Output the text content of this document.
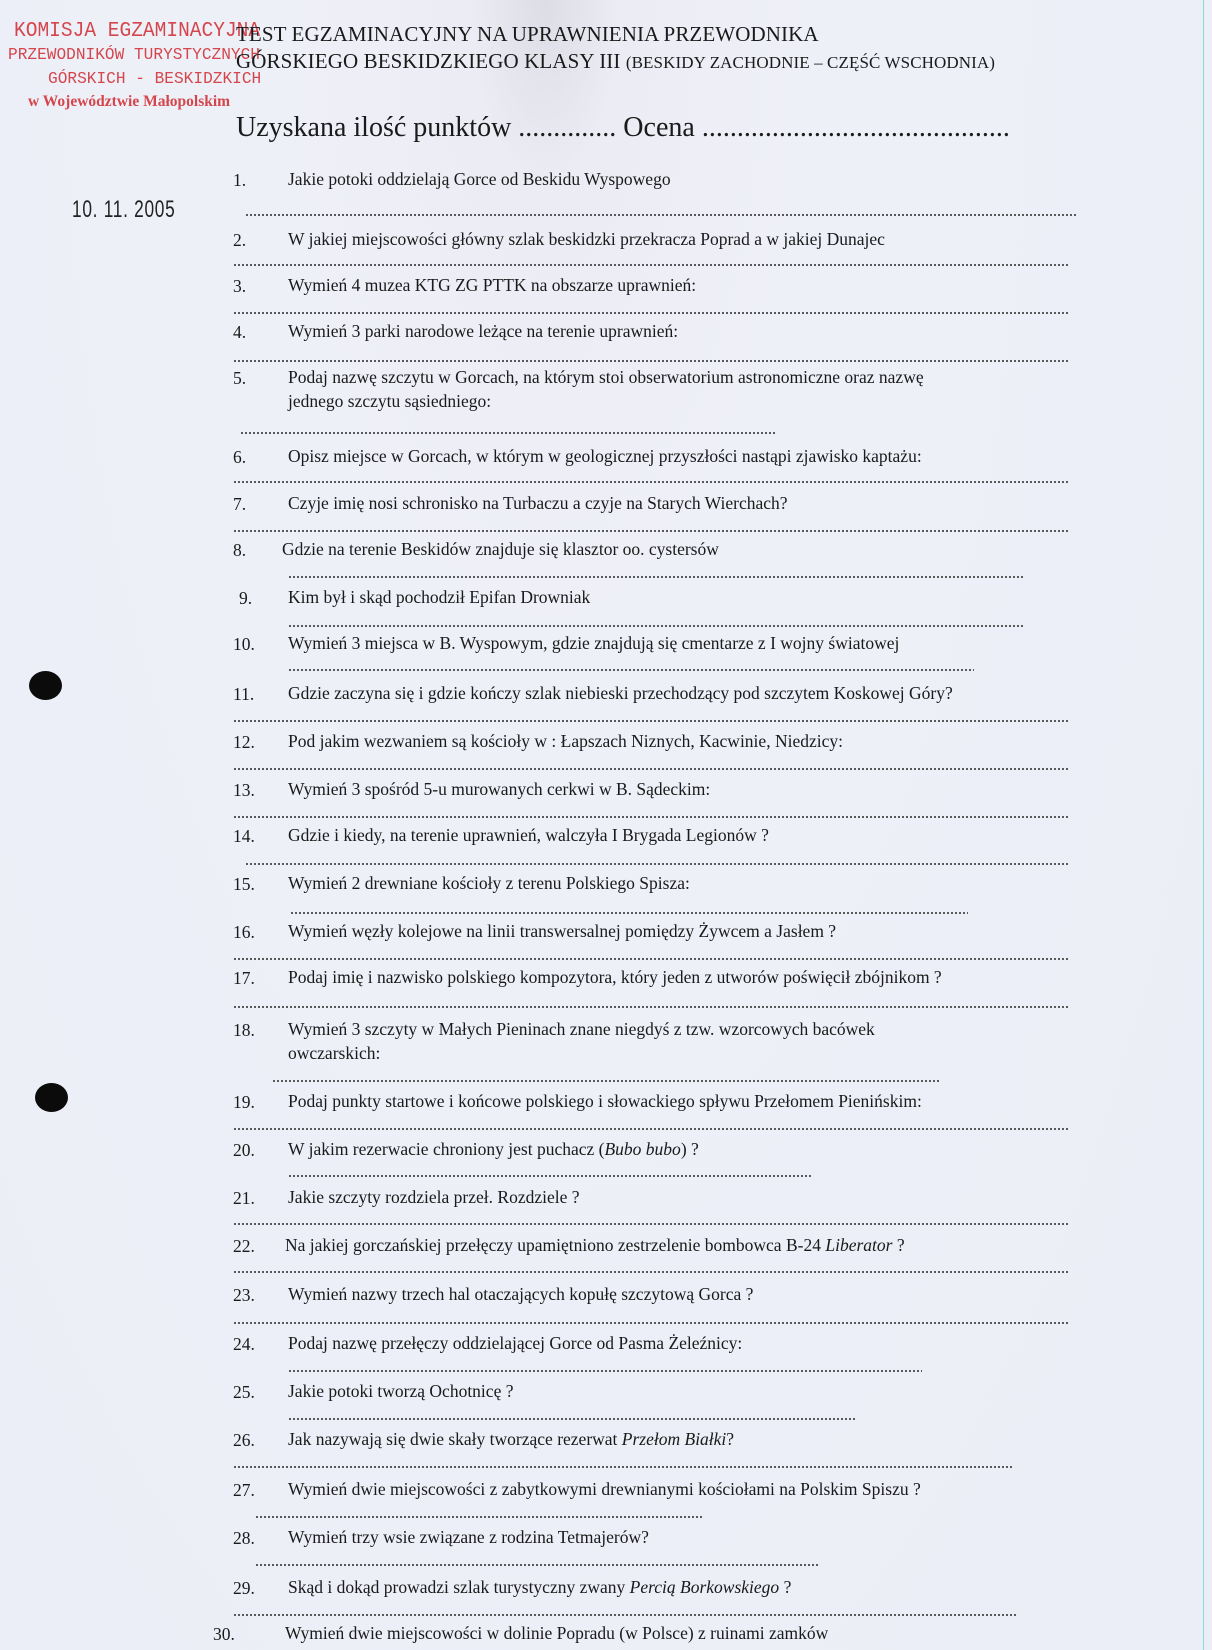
KOMISJA EGZAMINACYJNA
PRZEWODNIKÓW TURYSTYCZNYCH
GÓRSKICH - BESKIDZKICH
w Województwie Małopolskim
TEST EGZAMINACYJNY NA UPRAWNIENIA PRZEWODNIKA
GÓRSKIEGO BESKIDZKIEGO KLASY III (BESKIDY ZACHODNIE – CZĘŚĆ WSCHODNIA)
Uzyskana ilość punktów .............. Ocena ............................................
10. 11. 2005
1. Jakie potoki oddzielają Gorce od Beskidu Wyspowego
2. W jakiej miejscowości główny szlak beskidzki przekracza Poprad a w jakiej Dunajec
3. Wymień 4 muzea KTG ZG PTTK na obszarze uprawnień:
4. Wymień 3 parki narodowe leżące na terenie uprawnień:
5. Podaj nazwę szczytu w Gorcach, na którym stoi obserwatorium astronomiczne oraz nazwę
jednego szczytu sąsiedniego:
6. Opisz miejsce w Gorcach, w którym w geologicznej przyszłości nastąpi zjawisko kaptażu:
7. Czyje imię nosi schronisko na Turbaczu a czyje na Starych Wierchach?
8. Gdzie na terenie Beskidów znajduje się klasztor oo. cystersów
9. Kim był i skąd pochodził Epifan Drowniak
10. Wymień 3 miejsca w B. Wyspowym, gdzie znajdują się cmentarze z I wojny światowej
11. Gdzie zaczyna się i gdzie kończy szlak niebieski przechodzący pod szczytem Koskowej Góry?
12. Pod jakim wezwaniem są kościoły w : Łapszach Niznych, Kacwinie, Niedzicy:
13. Wymień 3 spośród 5-u murowanych cerkwi w B. Sądeckim:
14. Gdzie i kiedy, na terenie uprawnień, walczyła I Brygada Legionów ?
15. Wymień 2 drewniane kościoły z terenu Polskiego Spisza:
16. Wymień węzły kolejowe na linii transwersalnej pomiędzy Żywcem a Jasłem ?
17. Podaj imię i nazwisko polskiego kompozytora, który jeden z utworów poświęcił zbójnikom ?
18. Wymień 3 szczyty w Małych Pieninach znane niegdyś z tzw. wzorcowych bacówek
owczarskich:
19. Podaj punkty startowe i końcowe polskiego i słowackiego spływu Przełomem Pienińskim:
20. W jakim rezerwacie chroniony jest puchacz (Bubo bubo) ?
21. Jakie szczyty rozdziela przeł. Rozdziele ?
22. Na jakiej gorczańskiej przełęczy upamiętniono zestrzelenie bombowca B-24 Liberator ?
23. Wymień nazwy trzech hal otaczających kopułę szczytową Gorca ?
24. Podaj nazwę przełęczy oddzielającej Gorce od Pasma Żeleźnicy:
25. Jakie potoki tworzą Ochotnicę ?
26. Jak nazywają się dwie skały tworzące rezerwat Przełom Białki?
27. Wymień dwie miejscowości z zabytkowymi drewnianymi kościołami na Polskim Spiszu ?
28. Wymień trzy wsie związane z rodzina Tetmajerów?
29. Skąd i dokąd prowadzi szlak turystyczny zwany Percią Borkowskiego ?
30.	Wymień dwie miejscowości w dolinie Popradu (w Polsce) z ruinami zamków
